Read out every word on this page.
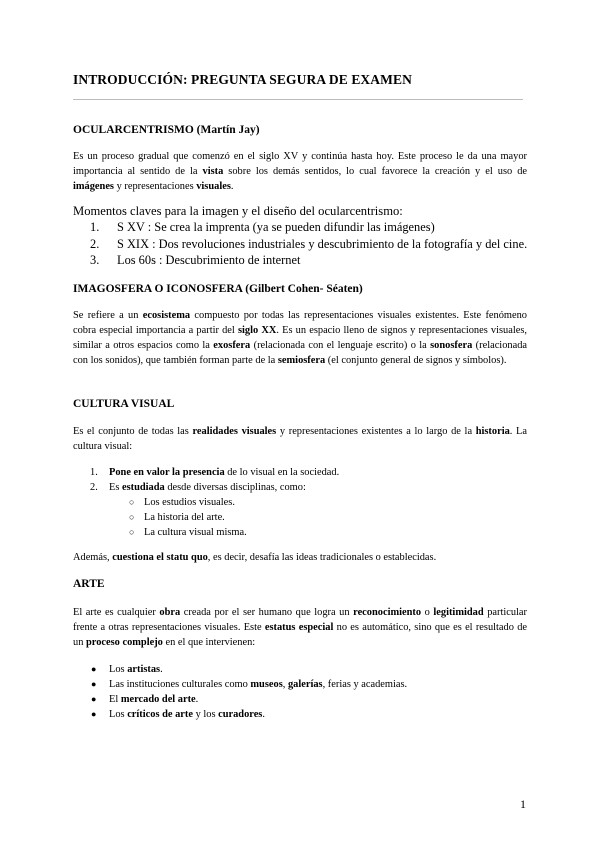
INTRODUCCIÓN: PREGUNTA SEGURA DE EXAMEN
OCULARCENTRISMO (Martín Jay)
Es un proceso gradual que comenzó en el siglo XV y continúa hasta hoy. Este proceso le da una mayor importancia al sentido de la vista sobre los demás sentidos, lo cual favorece la creación y el uso de imágenes y representaciones visuales.
Momentos claves para la imagen y el diseño del ocularcentrismo:
1. S XV : Se crea la imprenta (ya se pueden difundir las imágenes)
2. S XIX : Dos revoluciones industriales y descubrimiento de la fotografía y del cine.
3. Los 60s : Descubrimiento de internet
IMAGOSFERA O ICONOSFERA (Gilbert Cohen- Séaten)
Se refiere a un ecosistema compuesto por todas las representaciones visuales existentes. Este fenómeno cobra especial importancia a partir del siglo XX. Es un espacio lleno de signos y representaciones visuales, similar a otros espacios como la exosfera (relacionada con el lenguaje escrito) o la sonosfera (relacionada con los sonidos), que también forman parte de la semiosfera (el conjunto general de signos y símbolos).
CULTURA VISUAL
Es el conjunto de todas las realidades visuales y representaciones existentes a lo largo de la historia. La cultura visual:
1. Pone en valor la presencia de lo visual en la sociedad.
2. Es estudiada desde diversas disciplinas, como:
○ Los estudios visuales.
○ La historia del arte.
○ La cultura visual misma.
Además, cuestiona el statu quo, es decir, desafía las ideas tradicionales o establecidas.
ARTE
El arte es cualquier obra creada por el ser humano que logra un reconocimiento o legitimidad particular frente a otras representaciones visuales. Este estatus especial no es automático, sino que es el resultado de un proceso complejo en el que intervienen:
● Los artistas.
● Las instituciones culturales como museos, galerías, ferias y academias.
● El mercado del arte.
● Los críticos de arte y los curadores.
1
